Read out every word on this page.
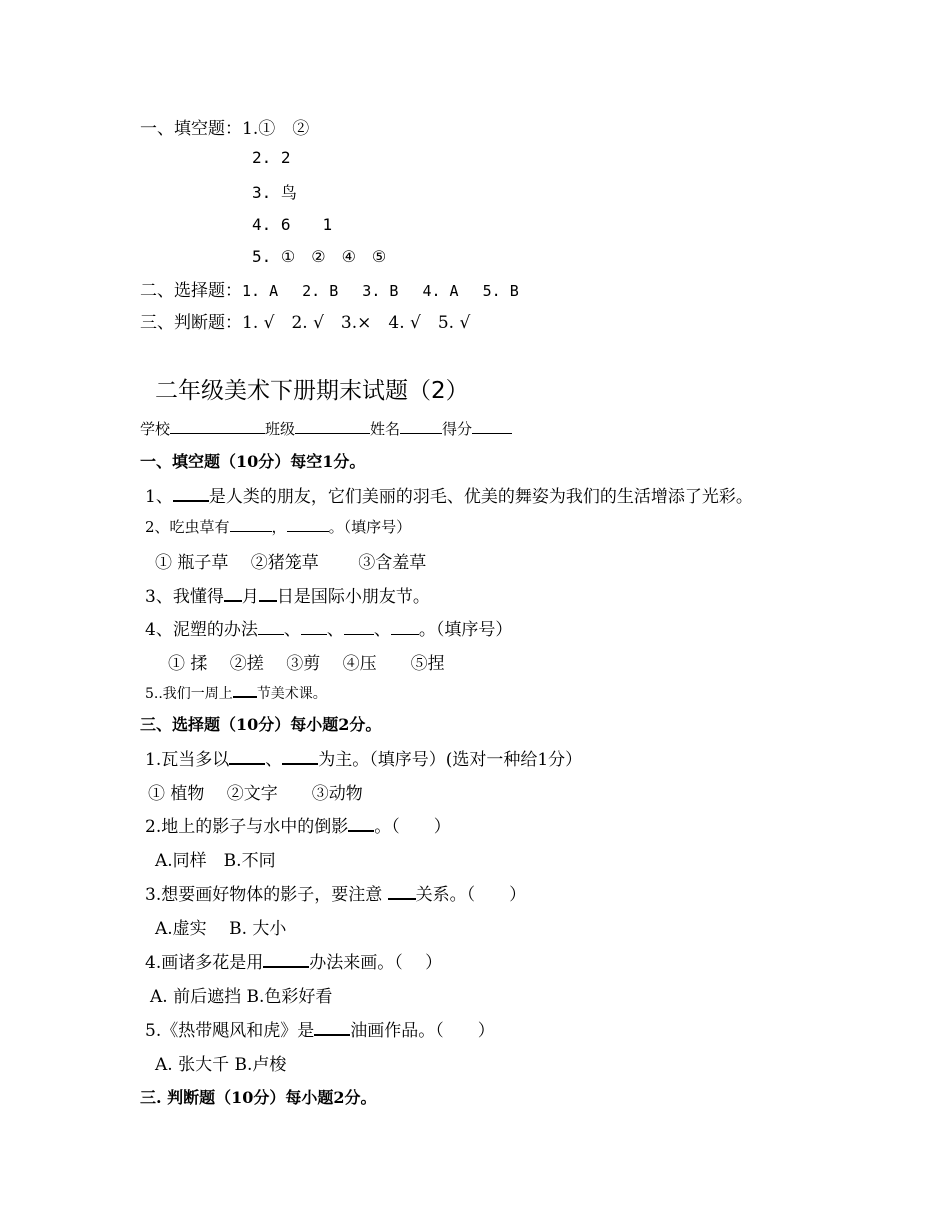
一、填空题：1.①　②
2. 2
3. 鸟
4. 6　　1
5. ①　②　④　⑤
二、选择题：1. A　 2. B　 3. B　 4. A　 5. B
三、判断题：1. √　2. √　3.×　4. √　5. √
二年级美术下册期末试题（2）
学校	班级	姓名	得分
一、填空题（10分）每空1分。
1、 是人类的朋友，它们美丽的羽毛、优美的舞姿为我们的生活增添了光彩。
2、吃虫草有	，	。（填序号）
① 瓶子草　 ②猪笼草　　 ③含羞草
3、我懂得 月 日是国际小朋友节。
4、泥塑的办法 、 、 、 。（填序号）
① 揉　 ②搓　 ③剪　 ④压　　⑤捏
5..我们一周上 节美术课。
三、选择题（10分）每小题2分。
1.瓦当多以 、 为主。（填序号）(选对一种给1分）
① 植物　 ②文字　　③动物
2.地上的影子与水中的倒影 。（　　）
A.同样　B.不同
3.想要画好物体的影子，要注意 关系。（　　）
A.虚实　 B. 大小
4.画诸多花是用	办法来画。（　 ）
A. 前后遮挡 B.色彩好看
5.《热带飓风和虎》是 油画作品。（　　）
A. 张大千 B.卢梭
三. 判断题（10分）每小题2分。
